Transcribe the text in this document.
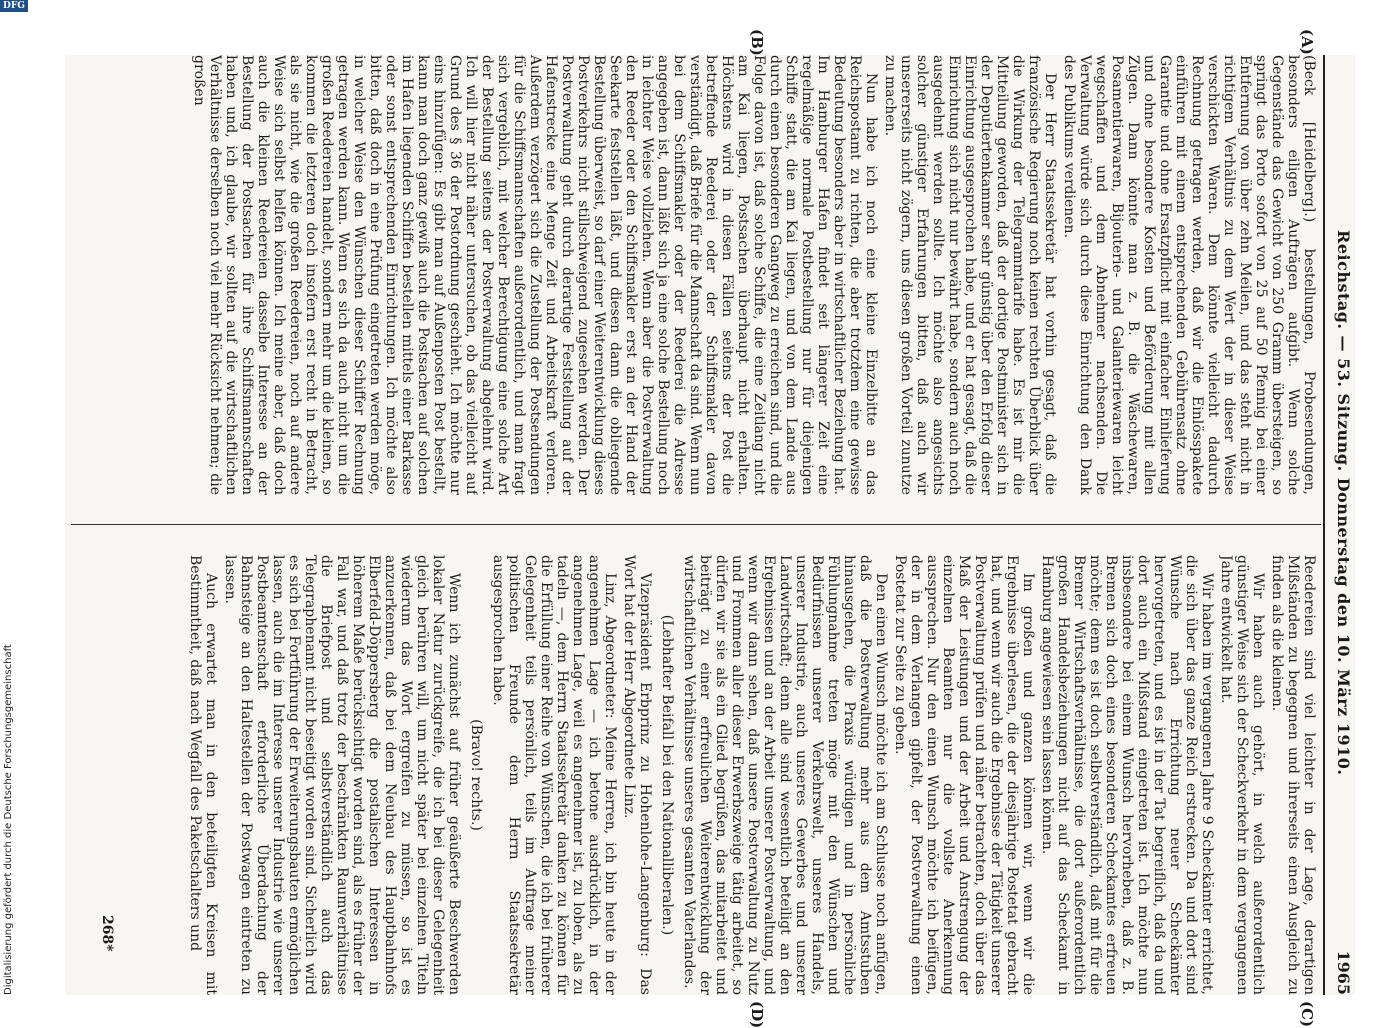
Digitalisierung gefördert durch die Deutsche Forschungsgemeinschaft
DFG
Reichstag. — 53. Sitzung. Donnerstag den 10. März 1910.
1965
(A)
(B)
(C)
(D)

(Beck [Heidelberg].) bestellungen, Probesendungen, besonders eiligen Aufträgen aufgibt. Wenn solche Gegenstände das Gewicht von 250 Gramm übersteigen, so springt das Porto sofort von 25 auf 50 Pfennig bei einer Entfernung von über zehn Meilen, und das steht nicht in richtigem Verhältnis zu dem Wert der in dieser Weise verschickten Waren. Dem könnte vielleicht dadurch Rechnung getragen werden, daß wir die Einlösspakete einführen mit einem entsprechenden Gebührensatz ohne Garantie und ohne Ersatzpflicht mit einfacher Einlieferung und ohne besondere Kosten und Beförderung mit allen Zügen. Dann könnte man z. B. die Wäschewaren, Posamentierwaren, Bijouterie- und Galanteriewaren leicht wegschaffen und dem Abnehmer nachsenden. Die Verwaltung würde sich durch diese Einrichtung den Dank des Publikums verdienen.

Der Herr Staatssekretär hat vorhin gesagt, daß die französische Regierung noch keinen rechten Überblick über die Wirkung der Telegrammtarife habe. Es ist mir die Mitteilung geworden, daß der dortige Postminister sich in der Deputiertenkammer sehr günstig über den Erfolg dieser Einrichtung ausgesprochen habe, und er hat gesagt, daß die Einrichtung sich nicht nur bewährt habe, sondern auch noch ausgedehnt werden sollte. Ich möchte also angesichts solcher günstiger Erfahrungen bitten, daß auch wir unsererseits nicht zögern, uns diesen großen Vorteil zunutze zu machen.

Nun habe ich noch eine kleine Einzelbitte an das Reichspostamt zu richten, die aber trotzdem eine gewisse Bedeutung besonders aber in wirtschaftlicher Beziehung hat. Im Hamburger Hafen findet seit längerer Zeit eine regelmäßige normale Postbestellung nur für diejenigen Schiffe statt, die am Kai liegen, und von dem Lande aus durch einen besonderen Gangweg zu erreichen sind, und die Folge davon ist, daß solche Schiffe, die eine Zeitlang nicht am Kai liegen, Postsachen überhaupt nicht erhalten. Höchstens wird in diesen Fällen seitens der Post die betreffende Reederei oder der Schiffsmakler davon verständigt, daß Briefe für die Mannschaft da sind. Wenn nun bei dem Schiffsmakler oder der Reederei die Adresse angegeben ist, dann läßt sich ja eine solche Bestellung noch in leichter Weise vollziehen. Wenn aber die Postverwaltung den Reeder oder den Schiffsmakler erst an der Hand der Seekarte feststellen läßt, und diesen dann die obliegende Bestellung überweist, so darf einer Weiterentwicklung dieses Postverkehrs nicht stillschweigend zugesehen werden. Der Postverwaltung geht durch derartige Feststellung auf der Hafenstrecke eine Menge Zeit und Arbeitskraft verloren. Außerdem verzögert sich die Zustellung der Postsendungen für die Schiffsmannschaften außerordentlich, und man fragt sich vergeblich, mit welcher Berechtigung eine solche Art der Bestellung seitens der Postverwaltung abgelehnt wird. Ich will hier nicht näher untersuchen, ob das vielleicht auf Grund des § 36 der Postordnung geschieht. Ich möchte nur eins hinzufügen: Es gibt man auf Außenposten Post bestellt, kann man doch ganz gewiß auch die Postsachen auf solchen im Hafen liegenden Schiffen bestellen mittels einer Barkasse oder sonst entsprechenden Einrichtungen. Ich möchte also bitten, daß doch in eine Prüfung eingetreten werden möge, in welcher Weise den Wünschen dieser Schiffer Rechnung getragen werden kann. Wenn es sich da auch nicht um die großen Reedereien handelt, sondern mehr um die kleinen, so kommen die letzteren doch insofern erst recht in Betracht, als sie nicht, wie die großen Reedereien, noch auf andere Weise sich selbst helfen können. Ich meine aber, daß doch auch die kleinen Reedereien dasselbe Interesse an der Bestellung der Postsachen für ihre Schiffsmannschaften haben und, ich glaube, wir sollten auf die wirtschaftlichen Verhältnisse derselben noch viel mehr Rücksicht nehmen; die großen

Reedereien sind viel leichter in der Lage, derartigen Mißständen zu begegnen und ihrerseits einen Ausgleich zu finden als die kleinen.

Wir haben auch gehört, in welch außerordentlich günstiger Weise sich der Scheckverkehr in dem vergangenen Jahre entwickelt hat.

Wir haben im vergangenen Jahre 9 Scheckämter errichtet, die sich über das ganze Reich erstrecken. Da und dort sind Wünsche nach Errichtung neuer Scheckämter hervorgetreten, und es ist in der Tat begreiflich, daß da und dort auch ein Mißstand eingetreten ist. Ich möchte nun insbesondere bei einem Wunsch hervorheben, daß z. B. Bremen sich doch eines besonderen Scheckamtes erfreuen möchte; denn es ist doch selbstverständlich, daß mit für die Bremer Wirtschaftsverhältnisse, die dort außerordentlich großen Handelsbeziehungen nicht auf das Scheckamt in Hamburg angewiesen sein lassen können.

Im großen und ganzen können wir, wenn wir die Ergebnisse überlesen, die der diesjährige Postetat gebracht hat, und wenn wir auch die Ergebnisse der Tätigkeit unserer Postverwaltung prüfen und näher betrachten, doch über das Maß der Leistungen und der Arbeit und Anstrengung der einzelnen Beamten nur die vollste Anerkennung aussprechen. Nur den einen Wunsch möchte ich beifügen, der in dem Verlangen gipfelt, der Postverwaltung einen Postetat zur Seite zu geben.

Den einen Wunsch möchte ich am Schlusse noch anfügen, daß die Postverwaltung mehr aus dem Amtsstuben hinausgehen, die Praxis würdigen und in persönliche Fühlungnahme treten möge mit den Wünschen und Bedürfnissen unserer Verkehrswelt, unseres Handels, unserer Industrie, auch unseres Gewerbes und unserer Landwirtschaft; denn alle sind wesentlich beteiligt an den Ergebnissen und an der Arbeit unserer Postverwaltung, und wenn wir dann sehen, daß unsere Postverwaltung zu Nutz und Frommen aller dieser Erwerbszweige tätig arbeitet, so dürfen wir sie als ein Glied begrüßen, das mitarbeitet und beiträgt zu einer erfreulichen Weiterentwicklung der wirtschaftlichen Verhältnisse unseres gesamten Vaterlandes.

(Lebhafter Beifall bei den Nationalliberalen.)

Vizepräsident Erbprinz zu Hohenlohe-Langenburg: Das Wort hat der Herr Abgeordnete Linz.

Linz, Abgeordneter: Meine Herren, ich bin heute in der angenehmen Lage — ich betone ausdrücklich, in der angenehmen Lage, weil es angenehmer ist, zu loben, als zu tadeln —, dem Herrn Staatssekretär danken zu können für die Erfüllung einer Reihe von Wünschen, die ich bei früherer Gelegenheit teils persönlich, teils im Auftrage meiner politischen Freunde dem Herrn Staatssekretär ausgesprochen habe.

(Bravo! rechts.)

Wenn ich zunächst auf früher geäußerte Beschwerden lokaler Natur zurückgreife, die ich bei dieser Gelegenheit gleich berühren will, um nicht später bei einzelnen Titeln wiederum das Wort ergreifen zu müssen, so ist es anzuerkennen, daß bei dem Neubau des Hauptbahnhofs Elberfeld-Döppersberg die postalischen Interessen in höherem Maße berücksichtigt worden sind, als es früher der Fall war, und daß trotz der beschränkten Raumverhältnisse die Briefpost und selbstverständlich auch das Telegraphenamt nicht beseitigt worden sind. Sicherlich wird es sich bei Fortführung der Erweiterungsbauten ermöglichen lassen, auch die im Interesse unserer Industrie wie unserer Postbeamtenschaft erforderliche Überdachung der Bahnsteige an den Haltestellen der Postwagen eintreten zu lassen.

Auch erwartet man in den beteiligten Kreisen mit Bestimmtheit, daß nach Wegfall des Paketschalters und

268*
